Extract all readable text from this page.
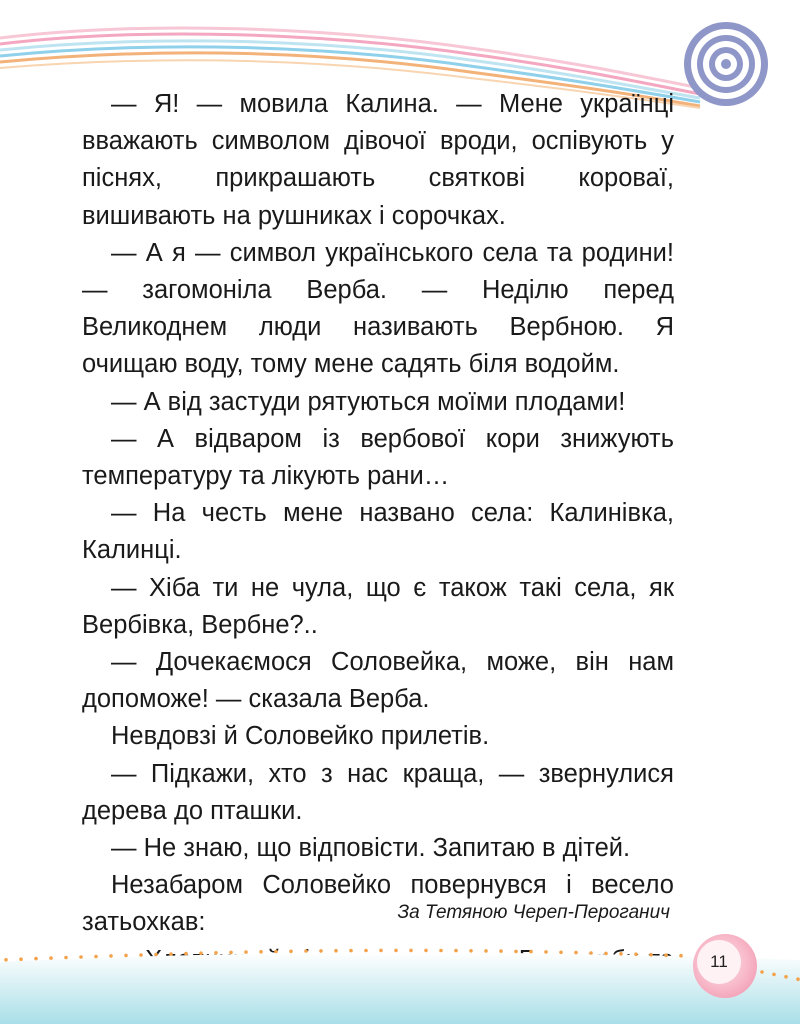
— Я! — мовила Калина. — Мене українці вважають символом дівочої вроди, оспівують у піснях, прикрашають святкові короваї, вишивають на рушниках і сорочках.

— А я — символ українського села та родини! — загомоніла Верба. — Неділю перед Великоднем люди називають Вербною. Я очищаю воду, тому мене садять біля водойм.

— А від застуди рятуються моїми плодами!

— А відваром із вербової кори знижують температуру та лікують рани…

— На честь мене названо села: Калинівка, Калинці.

— Хіба ти не чула, що є також такі села, як Вербівка, Вербне?..

— Дочекаємося Соловейка, може, він нам допоможе! — сказала Верба.

Невдовзі й Соловейко прилетів.

— Підкажи, хто з нас краща, — звернулися дерева до пташки.

— Не знаю, що відповісти. Запитаю в дітей.

Незабаром Соловейко повернувся і весело затьохкав:	За Тетяною Череп-Пероганич
11
